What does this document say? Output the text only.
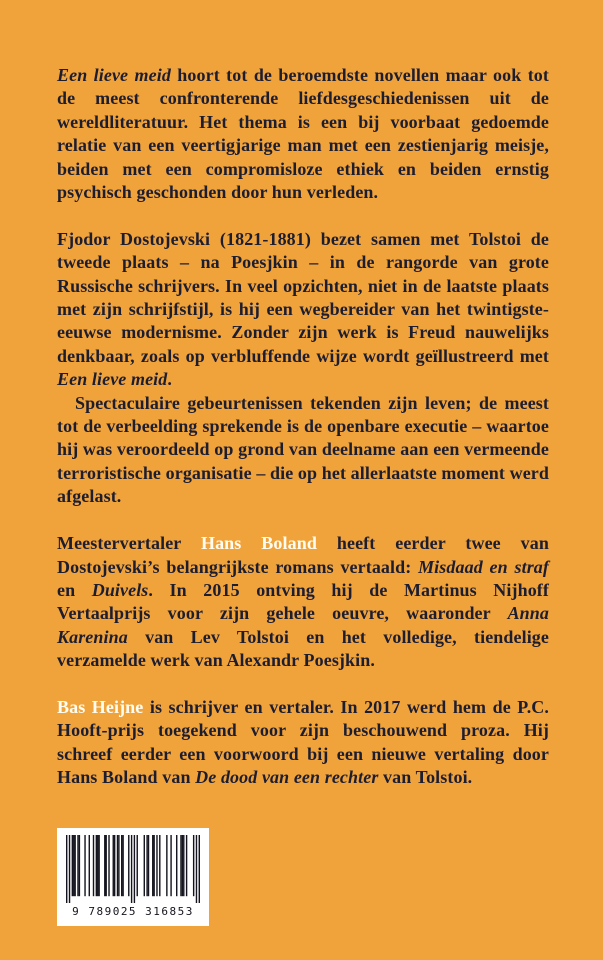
Een lieve meid hoort tot de beroemdste novellen maar ook tot de meest confronterende liefdesgeschiedenissen uit de wereldliteratuur. Het thema is een bij voorbaat gedoemde relatie van een veertigjarige man met een zestienjarig meisje, beiden met een compromisloze ethiek en beiden ernstig psychisch geschonden door hun verleden.

Fjodor Dostojevski (1821-1881) bezet samen met Tolstoi de tweede plaats – na Poesjkin – in de rangorde van grote Russische schrijvers. In veel opzichten, niet in de laatste plaats met zijn schrijfstijl, is hij een wegbereider van het twintigste-eeuwse modernisme. Zonder zijn werk is Freud nauwelijks denkbaar, zoals op verbluffende wijze wordt geïllustreerd met Een lieve meid.

Spectaculaire gebeurtenissen tekenden zijn leven; de meest tot de verbeelding sprekende is de openbare executie – waartoe hij was veroordeeld op grond van deelname aan een vermeende terroristische organisatie – die op het allerlaatste moment werd afgelast.

Meestervertaler Hans Boland heeft eerder twee van Dostojevski’s belangrijkste romans vertaald: Misdaad en straf en Duivels. In 2015 ontving hij de Martinus Nijhoff Vertaalprijs voor zijn gehele oeuvre, waaronder Anna Karenina van Lev Tolstoi en het volledige, tiendelige verzamelde werk van Alexandr Poesjkin.

Bas Heijne is schrijver en vertaler. In 2017 werd hem de P.C. Hooft-prijs toegekend voor zijn beschouwend proza. Hij schreef eerder een voorwoord bij een nieuwe vertaling door Hans Boland van De dood van een rechter van Tolstoi.

9 789025 316853
